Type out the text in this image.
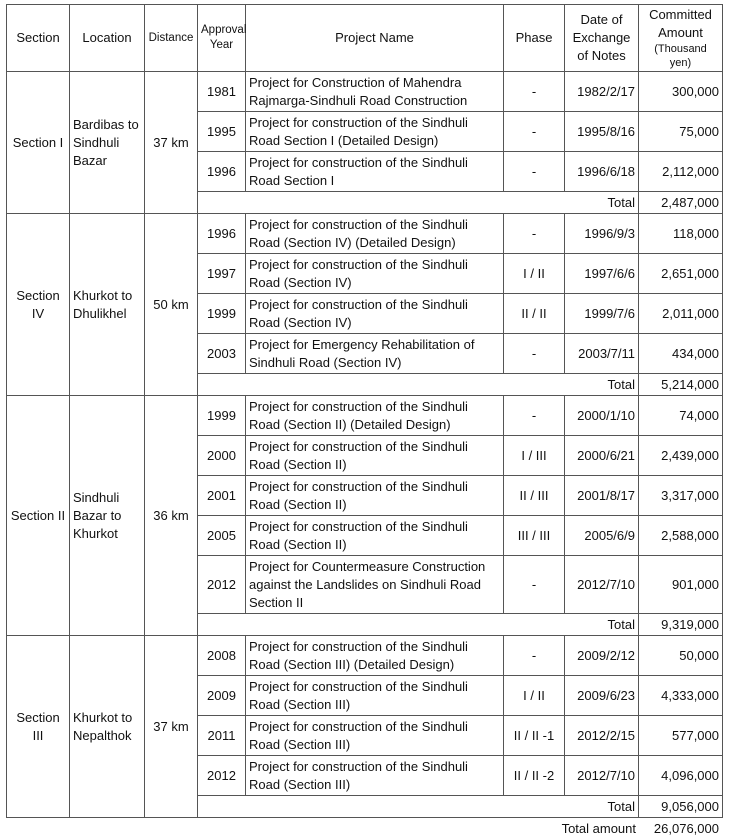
Section	Location	Distance	Approval Year	Project Name	Phase	Date of Exchange of Notes	Committed Amount
(Thousand yen)

Section I	Bardibas to Sindhuli Bazar	37 km	1981	Project for Construction of Mahendra Rajmarga-Sindhuli Road Construction	-	1982/2/17	300,000
			1995	Project for construction of the Sindhuli Road Section I (Detailed Design)	-	1995/8/16	75,000
			1996	Project for construction of the Sindhuli Road Section I	-	1996/6/18	2,112,000
			Total				2,487,000
Section IV	Khurkot to Dhulikhel	50 km	1996	Project for construction of the Sindhuli Road (Section IV) (Detailed Design)	-	1996/9/3	118,000
			1997	Project for construction of the Sindhuli Road (Section IV)	I / II	1997/6/6	2,651,000
			1999	Project for construction of the Sindhuli Road (Section IV)	II / II	1999/7/6	2,011,000
			2003	Project for Emergency Rehabilitation of Sindhuli Road (Section IV)	-	2003/7/11	434,000
			Total				5,214,000
Section II	Sindhuli Bazar to Khurkot	36 km	1999	Project for construction of the Sindhuli Road (Section II) (Detailed Design)	-	2000/1/10	74,000
			2000	Project for construction of the Sindhuli Road (Section II)	I / III	2000/6/21	2,439,000
			2001	Project for construction of the Sindhuli Road (Section II)	II / III	2001/8/17	3,317,000
			2005	Project for construction of the Sindhuli Road (Section II)	III / III	2005/6/9	2,588,000
			2012	Project for Countermeasure Construction against the Landslides on Sindhuli Road Section II	-	2012/7/10	901,000
			Total				9,319,000
Section III	Khurkot to Nepalthok	37 km	2008	Project for construction of the Sindhuli Road (Section III) (Detailed Design)	-	2009/2/12	50,000
			2009	Project for construction of the Sindhuli Road (Section III)	I / II	2009/6/23	4,333,000
			2011	Project for construction of the Sindhuli Road (Section III)	II / II -1	2012/2/15	577,000
			2012	Project for construction of the Sindhuli Road (Section III)	II / II -2	2012/7/10	4,096,000
			Total				9,056,000
Total amount 26,076,000
